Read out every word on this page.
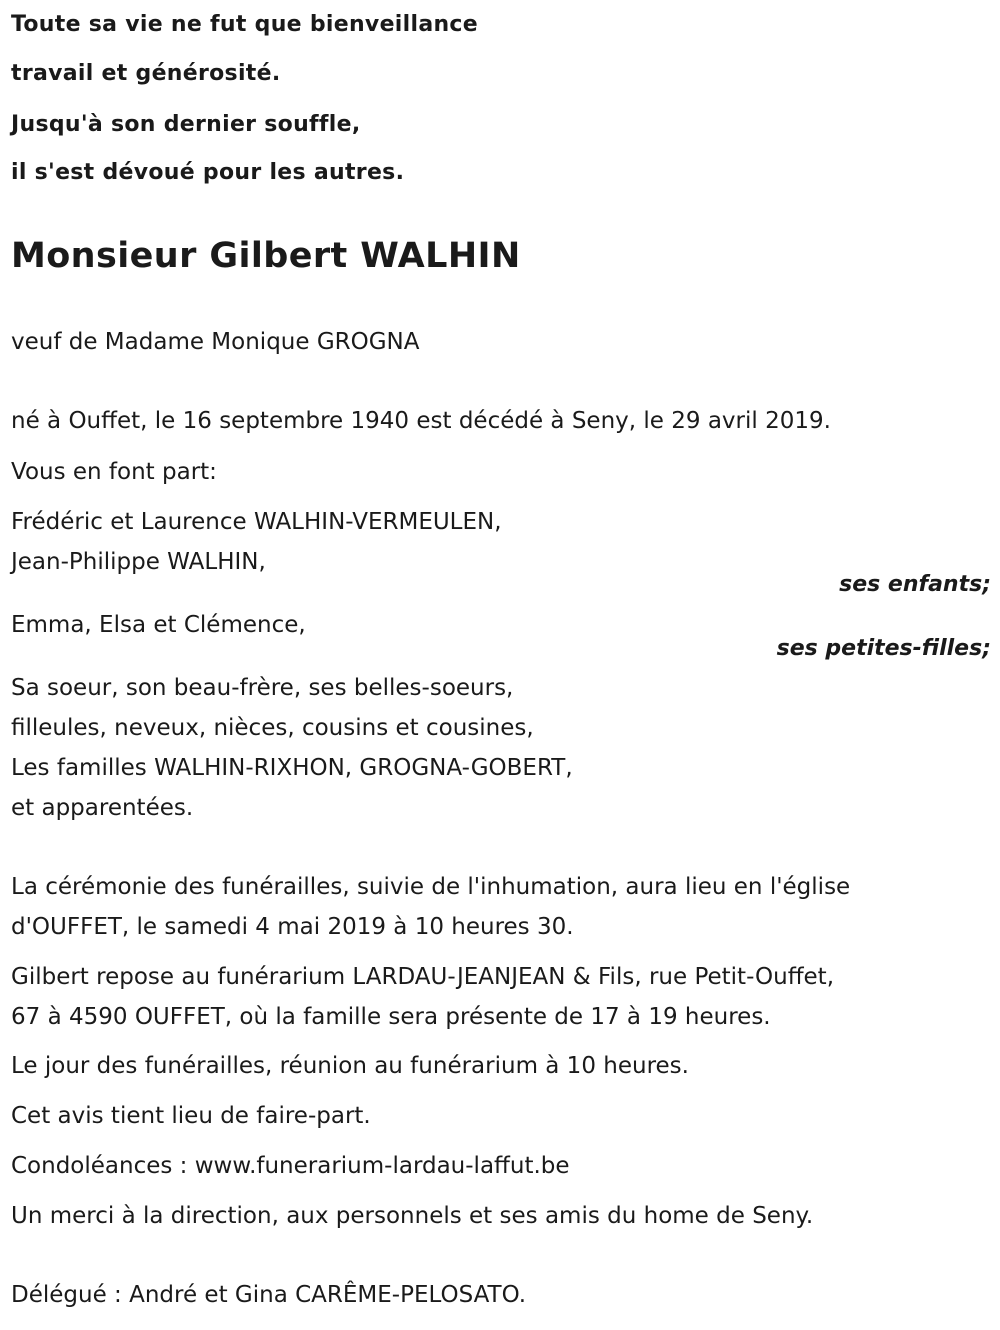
Toute sa vie ne fut que bienveillance
travail et générosité.
Jusqu'à son dernier souffle,
il s'est dévoué pour les autres.
Monsieur Gilbert WALHIN
veuf de Madame Monique GROGNA
né à Ouffet, le 16 septembre 1940 est décédé à Seny, le 29 avril 2019.
Vous en font part:
Frédéric et Laurence WALHIN-VERMEULEN,
Jean-Philippe WALHIN,
ses enfants;
Emma, Elsa et Clémence,
ses petites-filles;
Sa soeur, son beau-frère, ses belles-soeurs,
filleules, neveux, nièces, cousins et cousines,
Les familles WALHIN-RIXHON, GROGNA-GOBERT,
et apparentées.
La cérémonie des funérailles, suivie de l'inhumation, aura lieu en l'église
d'OUFFET, le samedi 4 mai 2019 à 10 heures 30.
Gilbert repose au funérarium LARDAU-JEANJEAN & Fils, rue Petit-Ouffet,
67 à 4590 OUFFET, où la famille sera présente de 17 à 19 heures.
Le jour des funérailles, réunion au funérarium à 10 heures.
Cet avis tient lieu de faire-part.
Condoléances : www.funerarium-lardau-laffut.be
Un merci à la direction, aux personnels et ses amis du home de Seny.
Délégué : André et Gina CARÊME-PELOSATO.
